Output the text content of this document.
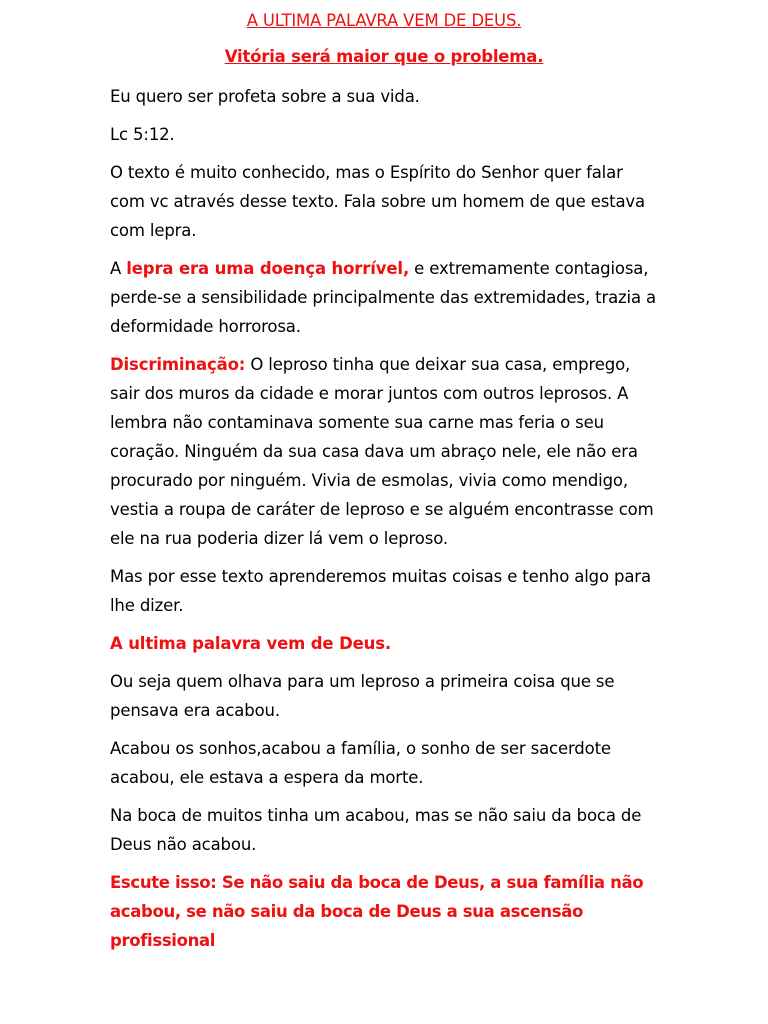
A ULTIMA PALAVRA VEM DE DEUS.
Vitória será maior que o problema.

Eu quero ser profeta sobre a sua vida.

Lc 5:12.

O texto é muito conhecido, mas o Espírito do Senhor quer falar com vc através desse texto. Fala sobre um homem de que estava com lepra.

A lepra era uma doença horrível, e extremamente contagiosa, perde-se a sensibilidade principalmente das extremidades, trazia a deformidade horrorosa.

Discriminação: O leproso tinha que deixar sua casa, emprego, sair dos muros da cidade e morar juntos com outros leprosos. A lembra não contaminava somente sua carne mas feria o seu coração. Ninguém da sua casa dava um abraço nele, ele não era procurado por ninguém. Vivia de esmolas, vivia como mendigo, vestia a roupa de caráter de leproso e se alguém encontrasse com ele na rua poderia dizer lá vem o leproso.

Mas por esse texto aprenderemos muitas coisas e tenho algo para lhe dizer.

A ultima palavra vem de Deus.

Ou seja quem olhava para um leproso a primeira coisa que se pensava era acabou.

Acabou os sonhos,acabou a família, o sonho de ser sacerdote acabou, ele estava a espera da morte.

Na boca de muitos tinha um acabou, mas se não saiu da boca de Deus não acabou.

Escute isso: Se não saiu da boca de Deus, a sua família não acabou, se não saiu da boca de Deus a sua ascensão profissional
